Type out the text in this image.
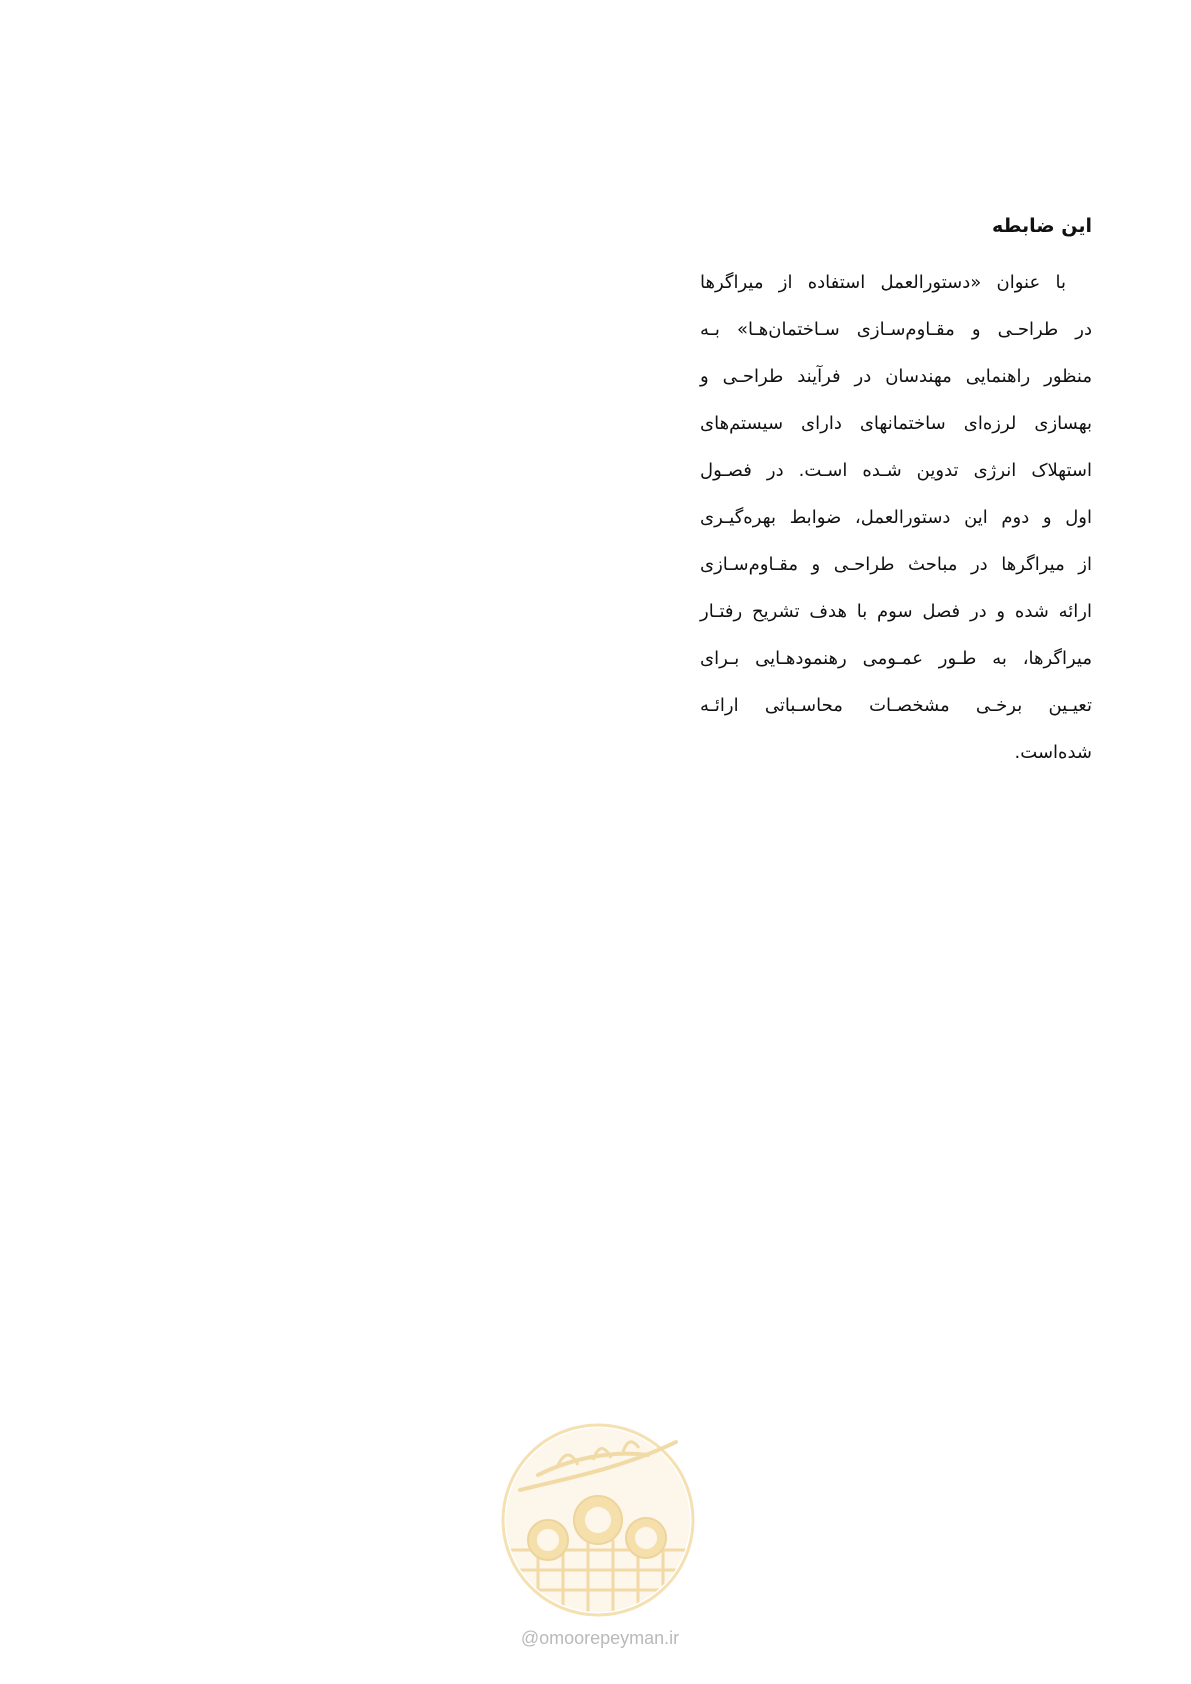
این ضابطه

با عنوان «دستورالعمل استفاده از میراگرها
در طراحـی و مقـاوم‌سـازی سـاختمان‌هـا» بـه
منظور راهنمایی مهندسان در فرآیند طراحـی و
بهسازی لرزه‌ای ساختمانهای دارای سیستم‌های
استهلاک انرژی تدوین شـده اسـت. در فصـول
اول و دوم این دستورالعمل، ضوابط بهره‌گیـری
از میراگرها در مباحث طراحـی و مقـاوم‌سـازی
ارائه شده و در فصل سوم با هدف تشریح رفتـار
میراگرها، به طـور عمـومی رهنمودهـایی بـرای
تعیـین برخـی مشخصـات محاسـباتی ارائـه
شده‌است.

@omoorepeyman.ir
